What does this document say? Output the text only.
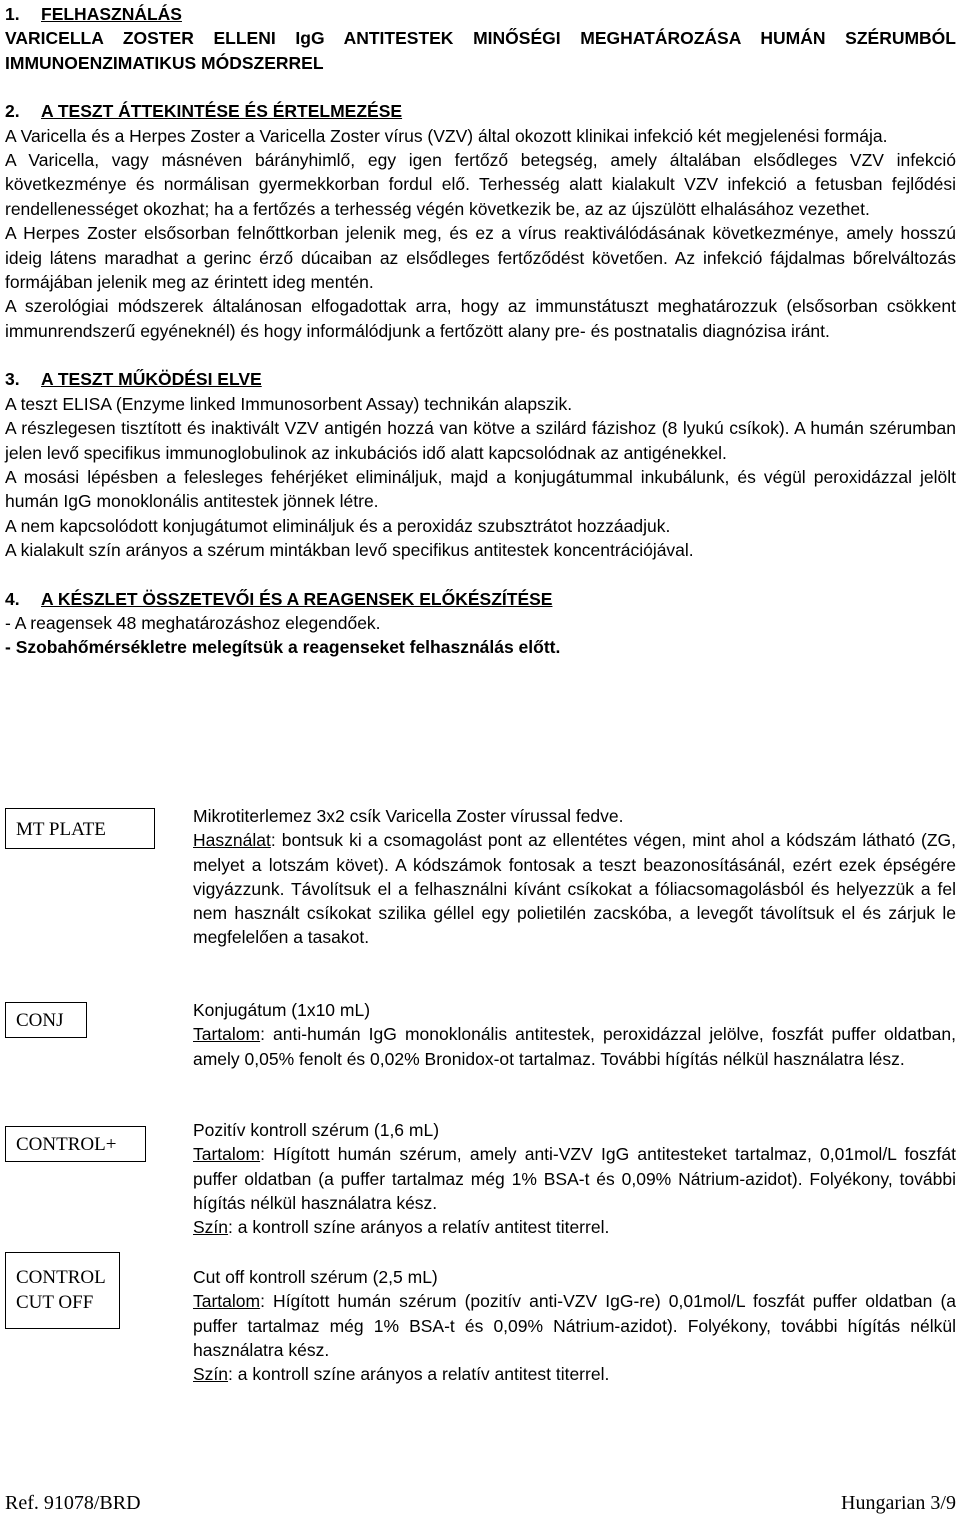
1. FELHASZNÁLÁS

VARICELLA ZOSTER ELLENI IgG ANTITESTEK MINŐSÉGI MEGHATÁROZÁSA HUMÁN SZÉRUMBÓL IMMUNOENZIMATIKUS MÓDSZERREL

2. A TESZT ÁTTEKINTÉSE ÉS ÉRTELMEZÉSE

A Varicella és a Herpes Zoster a Varicella Zoster vírus (VZV) által okozott klinikai infekció két megjelenési formája.

A Varicella, vagy másnéven bárányhimlő, egy igen fertőző betegség, amely általában elsődleges VZV infekció következménye és normálisan gyermekkorban fordul elő. Terhesség alatt kialakult VZV infekció a fetusban fejlődési rendellenességet okozhat; ha a fertőzés a terhesség végén következik be, az az újszülött elhalásához vezethet.

A Herpes Zoster elsősorban felnőttkorban jelenik meg, és ez a vírus reaktiválódásának következménye, amely hosszú ideig látens maradhat a gerinc érző dúcaiban az elsődleges fertőződést követően. Az infekció fájdalmas bőrelváltozás formájában jelenik meg az érintett ideg mentén.

A szerológiai módszerek általánosan elfogadottak arra, hogy az immunstátuszt meghatározzuk (elsősorban csökkent immunrendszerű egyéneknél) és hogy informálódjunk a fertőzött alany pre- és postnatalis diagnózisa iránt.

3. A TESZT MŰKÖDÉSI ELVE

A teszt ELISA (Enzyme linked Immunosorbent Assay) technikán alapszik.

A részlegesen tisztított és inaktivált VZV antigén hozzá van kötve a szilárd fázishoz (8 lyukú csíkok). A humán szérumban jelen levő specifikus immunoglobulinok az inkubációs idő alatt kapcsolódnak az antigénekkel.

A mosási lépésben a felesleges fehérjéket elimináljuk, majd a konjugátummal inkubálunk, és végül peroxidázzal jelölt humán IgG monoklonális antitestek jönnek létre.

A nem kapcsolódott konjugátumot elimináljuk és a peroxidáz szubsztrátot hozzáadjuk.

A kialakult szín arányos a szérum mintákban levő specifikus antitestek koncentrációjával.

4. A KÉSZLET ÖSSZETEVŐI ÉS A REAGENSEK ELŐKÉSZÍTÉSE

- A reagensek 48 meghatározáshoz elegendőek.

- Szobahőmérsékletre melegítsük a reagenseket felhasználás előtt.

MT PLATE

Mikrotiterlemez 3x2 csík Varicella Zoster vírussal fedve.

Használat: bontsuk ki a csomagolást pont az ellentétes végen, mint ahol a kódszám látható (ZG, melyet a lotszám követ). A kódszámok fontosak a teszt beazonosításánál, ezért ezek épségére vigyázzunk. Távolítsuk el a felhasználni kívánt csíkokat a fóliacsomagolásból és helyezzük a fel nem használt csíkokat szilika géllel egy polietilén zacskóba, a levegőt távolítsuk el és zárjuk le megfelelően a tasakot.

CONJ	Konjugátum (1x10 mL)

Tartalom: anti-humán IgG monoklonális antitestek, peroxidázzal jelölve, foszfát puffer oldatban, amely 0,05% fenolt és 0,02% Bronidox-ot tartalmaz. További hígítás nélkül használatra lész.

CONTROL+

Pozitív kontroll szérum (1,6 mL)

Tartalom: Hígított humán szérum, amely anti-VZV IgG antitesteket tartalmaz, 0,01mol/L foszfát puffer oldatban (a puffer tartalmaz még 1% BSA-t és 0,09% Nátrium-azidot). Folyékony, további hígítás nélkül használatra kész.

Szín: a kontroll színe arányos a relatív antitest titerrel.

CONTROL
CUT OFF

Cut off kontroll szérum (2,5 mL)

Tartalom: Hígított humán szérum (pozitív anti-VZV IgG-re) 0,01mol/L foszfát puffer oldatban (a puffer tartalmaz még 1% BSA-t és 0,09% Nátrium-azidot). Folyékony, további hígítás nélkül használatra kész.

Szín: a kontroll színe arányos a relatív antitest titerrel.

Ref. 91078/BRD	Hungarian 3/9
